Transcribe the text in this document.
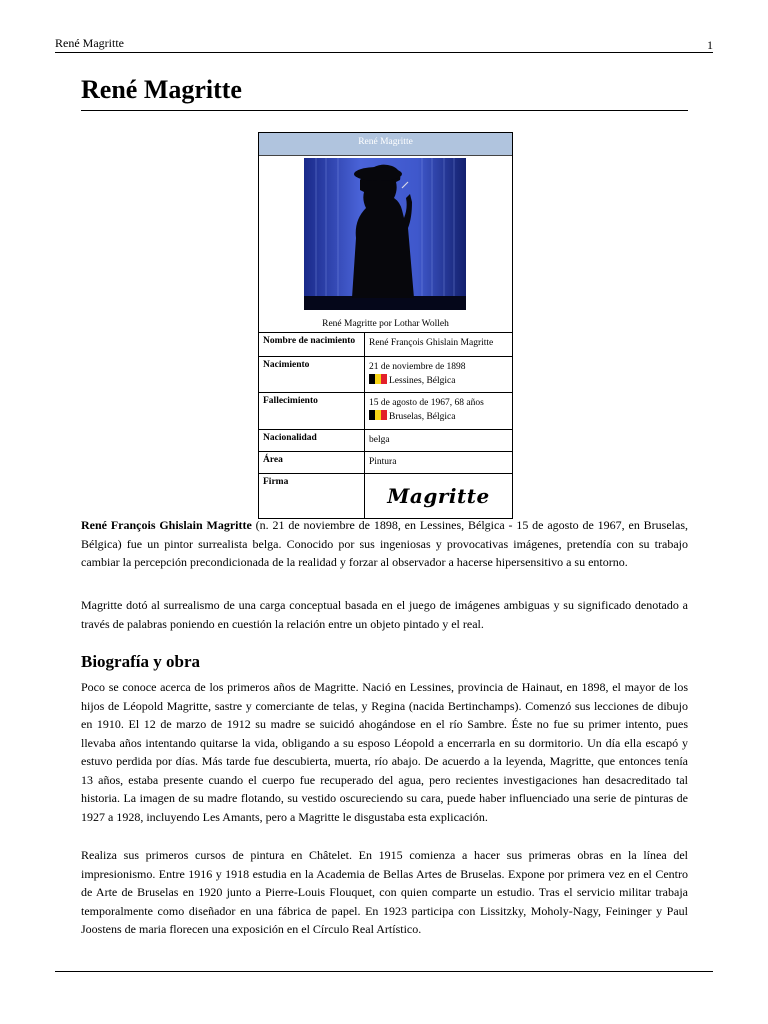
René Magritte	1
René Magritte
René Magritte
René Magritte por Lothar Wolleh
Nombre de nacimiento	René François Ghislain Magritte
Nacimiento	21 de noviembre de 1898
Lessines, Bélgica
Fallecimiento	15 de agosto de 1967, 68 años
Bruselas, Bélgica
Nacionalidad	belga
Área	Pintura
Firma
Magritte

René François Ghislain Magritte (n. 21 de noviembre de 1898, en Lessines, Bélgica - 15 de agosto de 1967, en Bruselas, Bélgica) fue un pintor surrealista belga. Conocido por sus ingeniosas y provocativas imágenes, pretendía con su trabajo cambiar la percepción precondicionada de la realidad y forzar al observador a hacerse hipersensitivo a su entorno.

Magritte dotó al surrealismo de una carga conceptual basada en el juego de imágenes ambiguas y su significado denotado a través de palabras poniendo en cuestión la relación entre un objeto pintado y el real.

Biografía y obra

Poco se conoce acerca de los primeros años de Magritte. Nació en Lessines, provincia de Hainaut, en 1898, el mayor de los hijos de Léopold Magritte, sastre y comerciante de telas, y Regina (nacida Bertinchamps). Comenzó sus lecciones de dibujo en 1910. El 12 de marzo de 1912 su madre se suicidó ahogándose en el río Sambre. Éste no fue su primer intento, pues llevaba años intentando quitarse la vida, obligando a su esposo Léopold a encerrarla en su dormitorio. Un día ella escapó y estuvo perdida por días. Más tarde fue descubierta, muerta, río abajo. De acuerdo a la leyenda, Magritte, que entonces tenía 13 años, estaba presente cuando el cuerpo fue recuperado del agua, pero recientes investigaciones han desacreditado tal historia. La imagen de su madre flotando, su vestido oscureciendo su cara, puede haber influenciado una serie de pinturas de 1927 a 1928, incluyendo Les Amants, pero a Magritte le disgustaba esta explicación.

Realiza sus primeros cursos de pintura en Châtelet. En 1915 comienza a hacer sus primeras obras en la línea del impresionismo. Entre 1916 y 1918 estudia en la Academia de Bellas Artes de Bruselas. Expone por primera vez en el Centro de Arte de Bruselas en 1920 junto a Pierre-Louis Flouquet, con quien comparte un estudio. Tras el servicio militar trabaja temporalmente como diseñador en una fábrica de papel. En 1923 participa con Lissitzky, Moholy-Nagy, Feininger y Paul Joostens de maria florecen una exposición en el Círculo Real Artístico.
